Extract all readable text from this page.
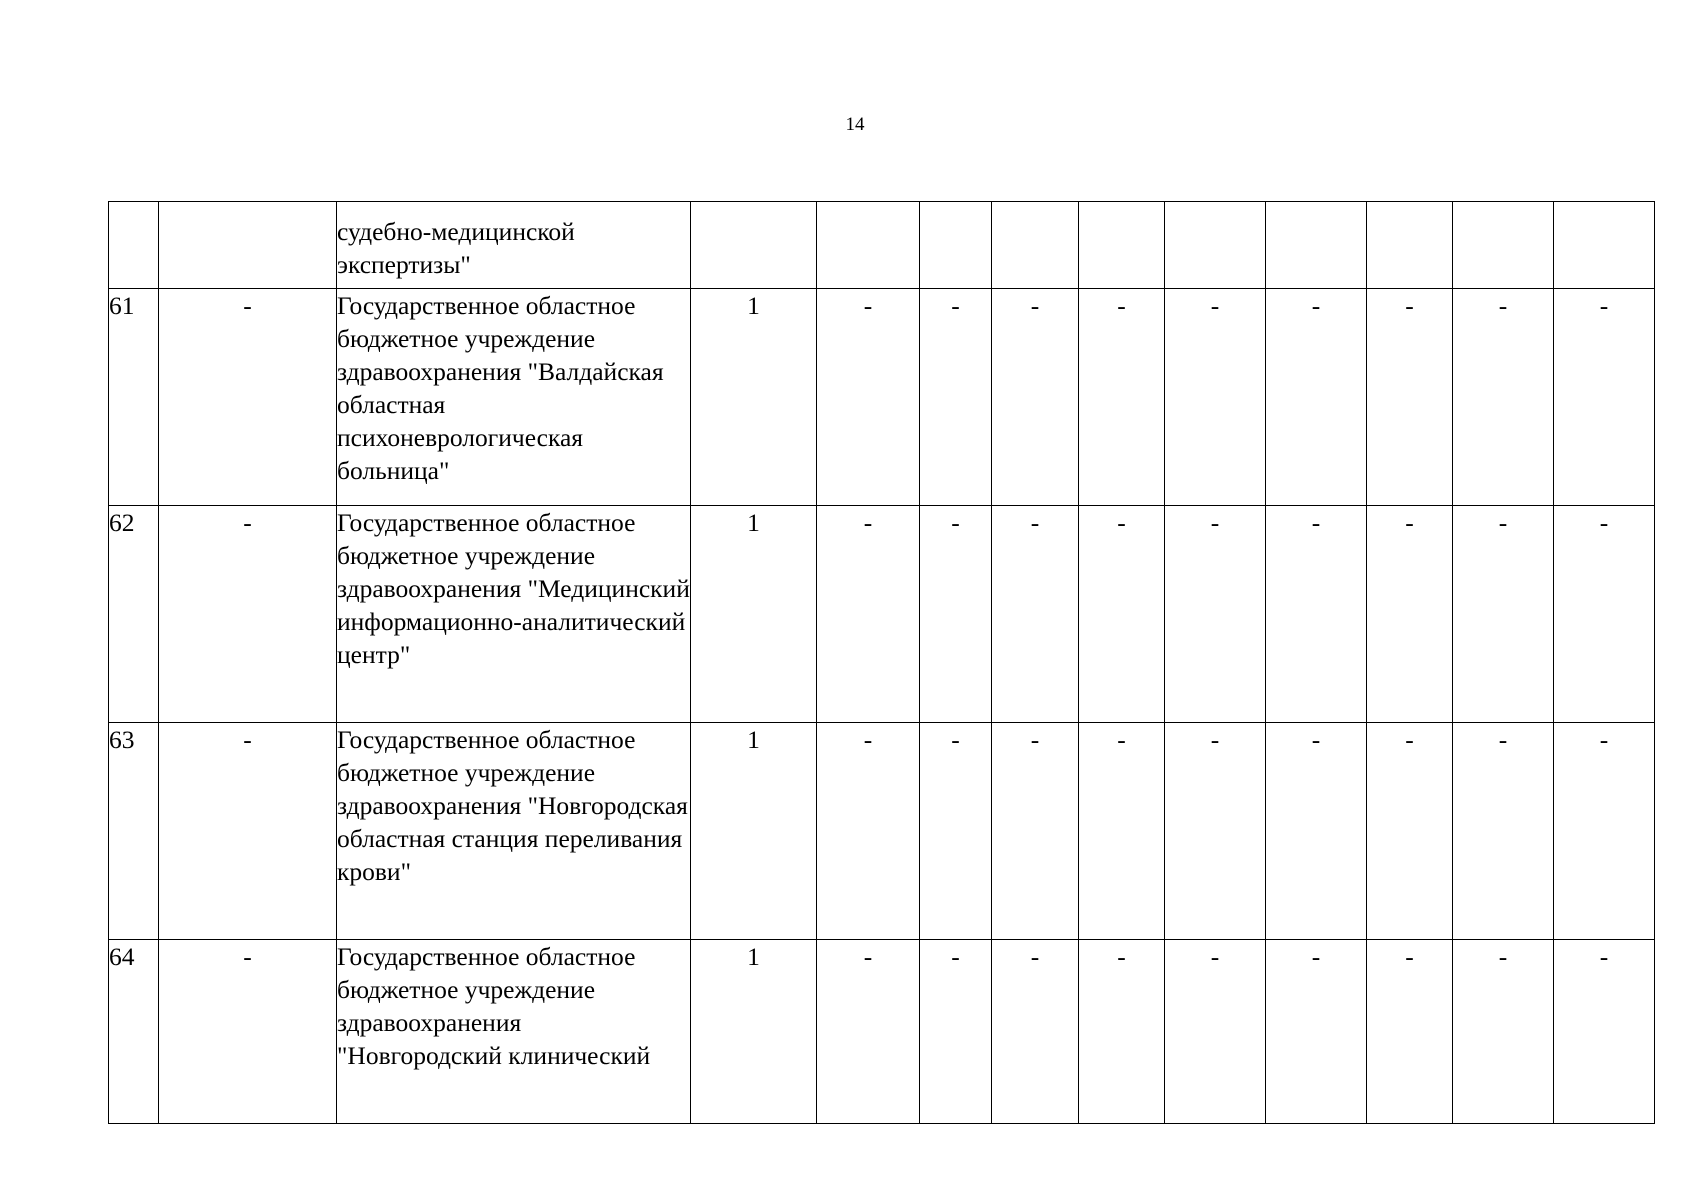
14
		судебно-медицинской экспертизы"										
61	-	Государственное областное бюджетное учреждение здравоохранения "Валдайская областная психоневрологическая больница"	1	-	-	-	-	-	-	-	-	-
62	-	Государственное областное бюджетное учреждение здравоохранения "Медицинский информационно-аналитический центр"	1	-	-	-	-	-	-	-	-	-
63	-	Государственное областное бюджетное учреждение здравоохранения "Новгородская областная станция переливания крови"	1	-	-	-	-	-	-	-	-	-
64	-	Государственное областное бюджетное учреждение здравоохранения "Новгородский клинический	1	-	-	-	-	-	-	-	-	-
